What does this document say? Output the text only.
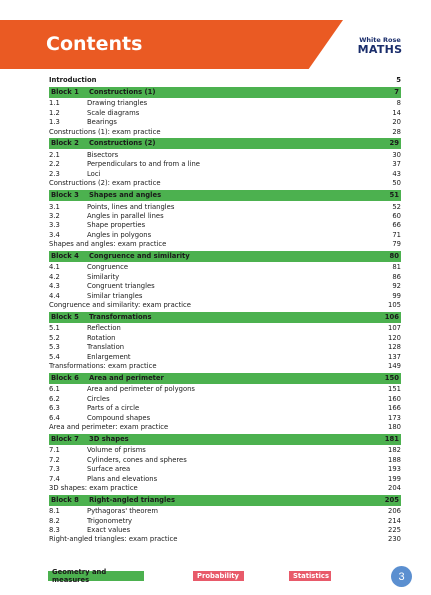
Contents	White Rose
MATHS
Introduction	5
Block 1	Constructions (1)	7
1.1	Drawing triangles	8
1.2	Scale diagrams	14
1.3	Bearings	20
Constructions (1): exam practice	28
Block 2	Constructions (2)	29
2.1	Bisectors	30
2.2	Perpendiculars to and from a line	37
2.3	Loci	43
Constructions (2): exam practice	50
Block 3	Shapes and angles	51
3.1	Points, lines and triangles	52
3.2	Angles in parallel lines	60
3.3	Shape properties	66
3.4	Angles in polygons	71
Shapes and angles: exam practice	79
Block 4	Congruence and similarity	80
4.1	Congruence	81
4.2	Similarity	86
4.3	Congruent triangles	92
4.4	Similar triangles	99
Congruence and similarity: exam practice	105
Block 5	Transformations	106
5.1	Reflection	107
5.2	Rotation	120
5.3	Translation	128
5.4	Enlargement	137
Transformations: exam practice	149
Block 6	Area and perimeter	150
6.1	Area and perimeter of polygons	151
6.2	Circles	160
6.3	Parts of a circle	166
6.4	Compound shapes	173
Area and perimeter: exam practice	180
Block 7	3D shapes	181
7.1	Volume of prisms	182
7.2	Cylinders, cones and spheres	188
7.3	Surface area	193
7.4	Plans and elevations	199
3D shapes: exam practice	204
Block 8	Right-angled triangles	205
8.1	Pythagoras' theorem	206
8.2	Trigonometry	214
8.3	Exact values	225
Right-angled triangles: exam practice	230
Geometry and measures	Probability	Statistics	3
